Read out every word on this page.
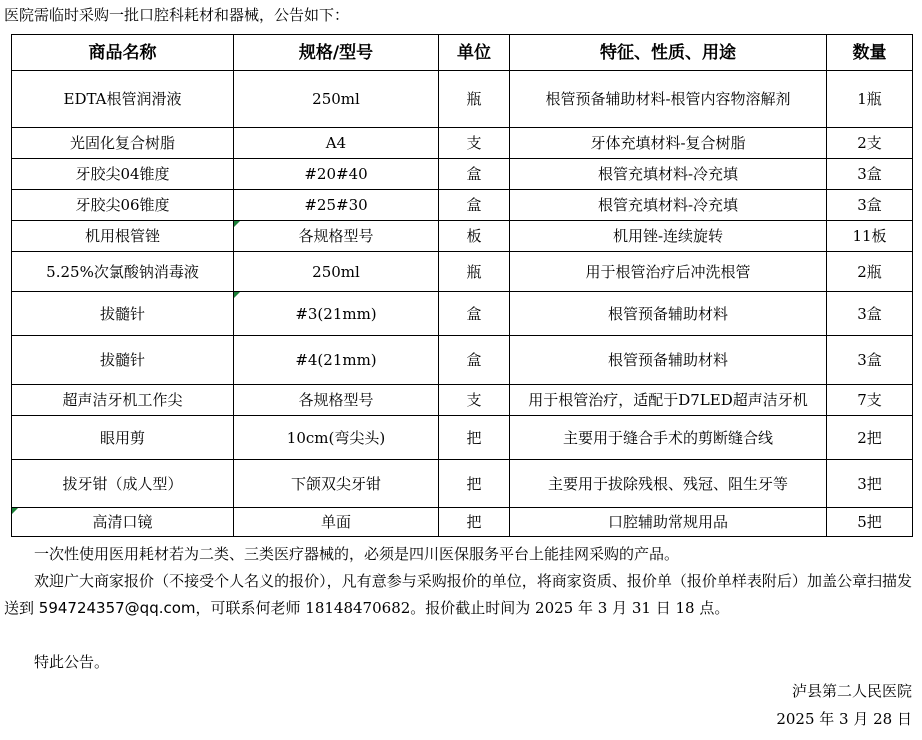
医院需临时采购一批口腔科耗材和器械，公告如下：
商品名称	规格/型号	单位	特征、性质、用途	数量
EDTA根管润滑液	250ml	瓶	根管预备辅助材料-根管内容物溶解剂	1瓶
光固化复合树脂	A4	支	牙体充填材料-复合树脂	2支
牙胶尖04锥度	#20#40	盒	根管充填材料-冷充填	3盒
牙胶尖06锥度	#25#30	盒	根管充填材料-冷充填	3盒
机用根管锉	各规格型号	板	机用锉-连续旋转	11板
5.25%次氯酸钠消毒液	250ml	瓶	用于根管治疗后冲洗根管	2瓶
拔髓针	#3(21mm)	盒	根管预备辅助材料	3盒
拔髓针	#4(21mm)	盒	根管预备辅助材料	3盒
超声洁牙机工作尖	各规格型号	支	用于根管治疗，适配于D7LED超声洁牙机	7支
眼用剪	10cm(弯尖头)	把	主要用于缝合手术的剪断缝合线	2把
拔牙钳（成人型）	下颌双尖牙钳	把	主要用于拔除残根、残冠、阻生牙等	3把

高清口镜	单面	把	口腔辅助常规用品	5把
一次性使用医用耗材若为二类、三类医疗器械的，必须是四川医保服务平台上能挂网采购的产品。
欢迎广大商家报价（不接受个人名义的报价），凡有意参与采购报价的单位，将商家资质、报价单（报价单样表附后）加盖公章扫描发送到 594724357@qq.com，可联系何老师 18148470682。报价截止时间为 2025 年 3 月 31 日 18 点。
特此公告。
泸县第二人民医院
2025 年 3 月 28 日
